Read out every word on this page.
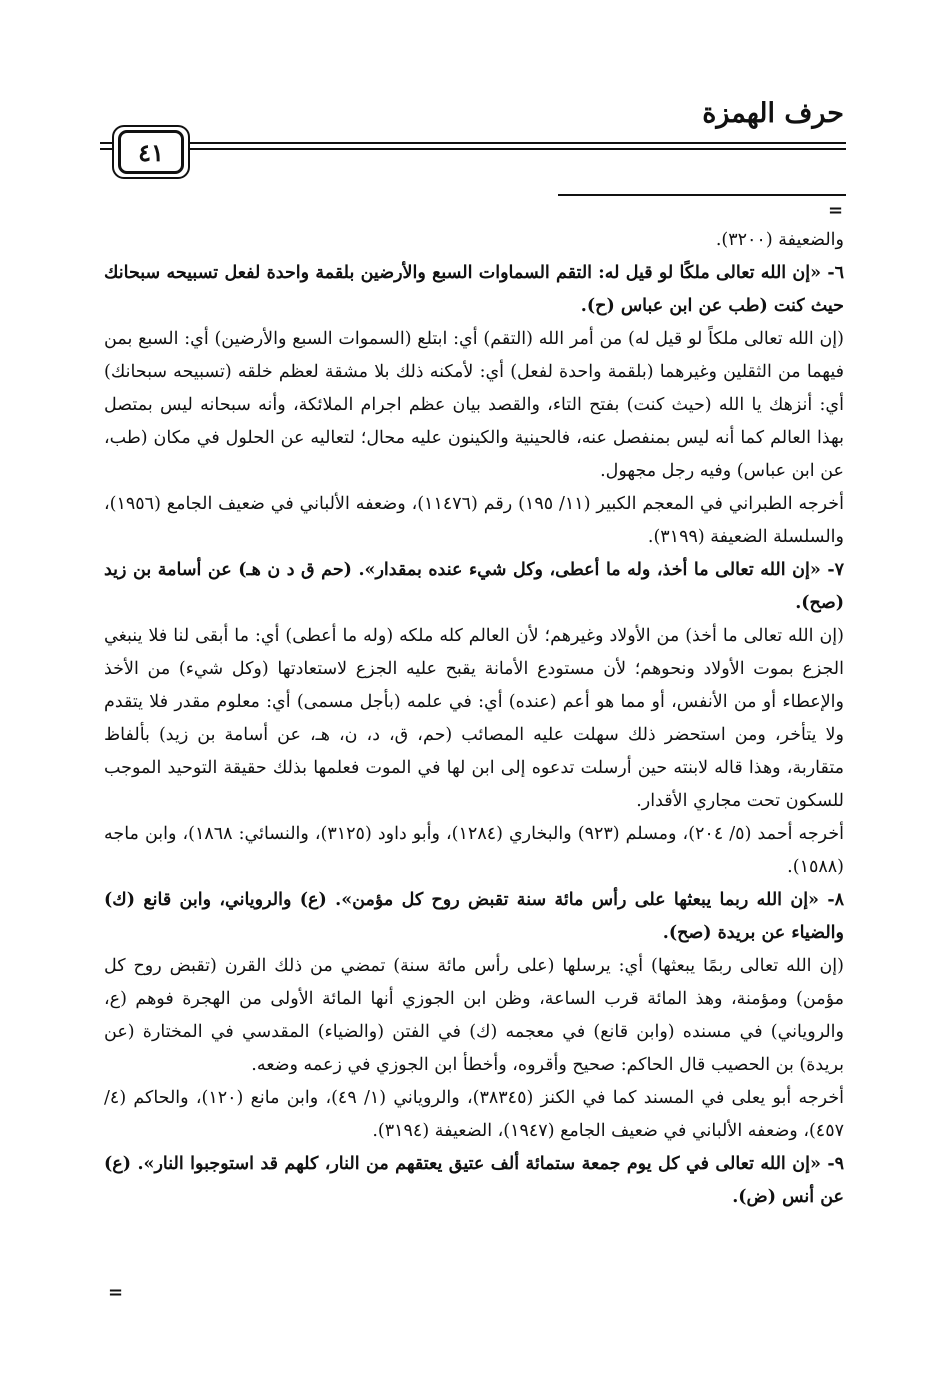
حرف الهمزة
٤١
=

والضعيفة (٣٢٠٠).

٦- «إن الله تعالى ملكًا لو قيل له: التقم السماوات السبع والأرضين بلقمة واحدة لفعل تسبيحه سبحانك حيث كنت (طب عن ابن عباس (ح).

(إن الله تعالى ملكاً لو قيل له) من أمر الله (التقم) أي: ابتلع (السموات السبع والأرضين) أي: السبع بمن فيهما من الثقلين وغيرهما (بلقمة واحدة لفعل) أي: لأمكنه ذلك بلا مشقة لعظم خلقه (تسبيحه سبحانك) أي: أنزهك يا الله (حيث كنت) بفتح التاء، والقصد بيان عظم اجرام الملائكة، وأنه سبحانه ليس بمتصل بهذا العالم كما أنه ليس بمنفصل عنه، فالحينية والكينون عليه محال؛ لتعاليه عن الحلول في مكان (طب، عن ابن عباس) وفيه رجل مجهول.

أخرجه الطبراني في المعجم الكبير (١١/ ١٩٥) رقم (١١٤٧٦)، وضعفه الألباني في ضعيف الجامع (١٩٥٦)، والسلسلة الضعيفة (٣١٩٩).

٧- «إن الله تعالى ما أخذ، وله ما أعطى، وكل شيء عنده بمقدار». (حم ق د ن هـ) عن أسامة بن زيد (صح).

(إن الله تعالى ما أخذ) من الأولاد وغيرهم؛ لأن العالم كله ملكه (وله ما أعطى) أي: ما أبقى لنا فلا ينبغي الجزع بموت الأولاد ونحوهم؛ لأن مستودع الأمانة يقبح عليه الجزع لاستعادتها (وكل شيء) من الأخذ والإعطاء أو من الأنفس، أو مما هو أعم (عنده) أي: في علمه (بأجل مسمى) أي: معلوم مقدر فلا يتقدم ولا يتأخر، ومن استحضر ذلك سهلت عليه المصائب (حم، ق، د، ن، هـ، عن أسامة بن زيد) بألفاظ متقاربة، وهذا قاله لابنته حين أرسلت تدعوه إلى ابن لها في الموت فعلمها بذلك حقيقة التوحيد الموجب للسكون تحت مجاري الأقدار.

أخرجه أحمد (٥/ ٢٠٤)، ومسلم (٩٢٣) والبخاري (١٢٨٤)، وأبو داود (٣١٢٥)، والنسائي: ١٨٦٨)، وابن ماجه (١٥٨٨).

٨- «إن الله ربما يبعثها على رأس مائة سنة تقبض روح كل مؤمن». (ع) والروياني، وابن قانع (ك) والضياء عن بريدة (صح).

(إن الله تعالى ربمًا يبعثها) أي: يرسلها (على رأس مائة سنة) تمضي من ذلك القرن (تقبض روح كل مؤمن) ومؤمنة، وهذ المائة قرب الساعة، وظن ابن الجوزي أنها المائة الأولى من الهجرة فوهم (ع، والروياني) في مسنده (وابن قانع) في معجمه (ك) في الفتن (والضياء) المقدسي في المختارة (عن بريدة) بن الحصيب قال الحاكم: صحيح وأقروه، وأخطأ ابن الجوزي في زعمه وضعه.

أخرجه أبو يعلى في المسند كما في الكنز (٣٨٣٤٥)، والروياني (١/ ٤٩)، وابن مانع (١٢٠)، والحاكم (٤/ ٤٥٧)، وضعفه الألباني في ضعيف الجامع (١٩٤٧)، الضعيفة (٣١٩٤).

٩- «إن الله تعالى في كل يوم جمعة ستمائة ألف عتيق يعتقهم من النار، كلهم قد استوجبوا النار». (ع) عن أنس (ض).

=
